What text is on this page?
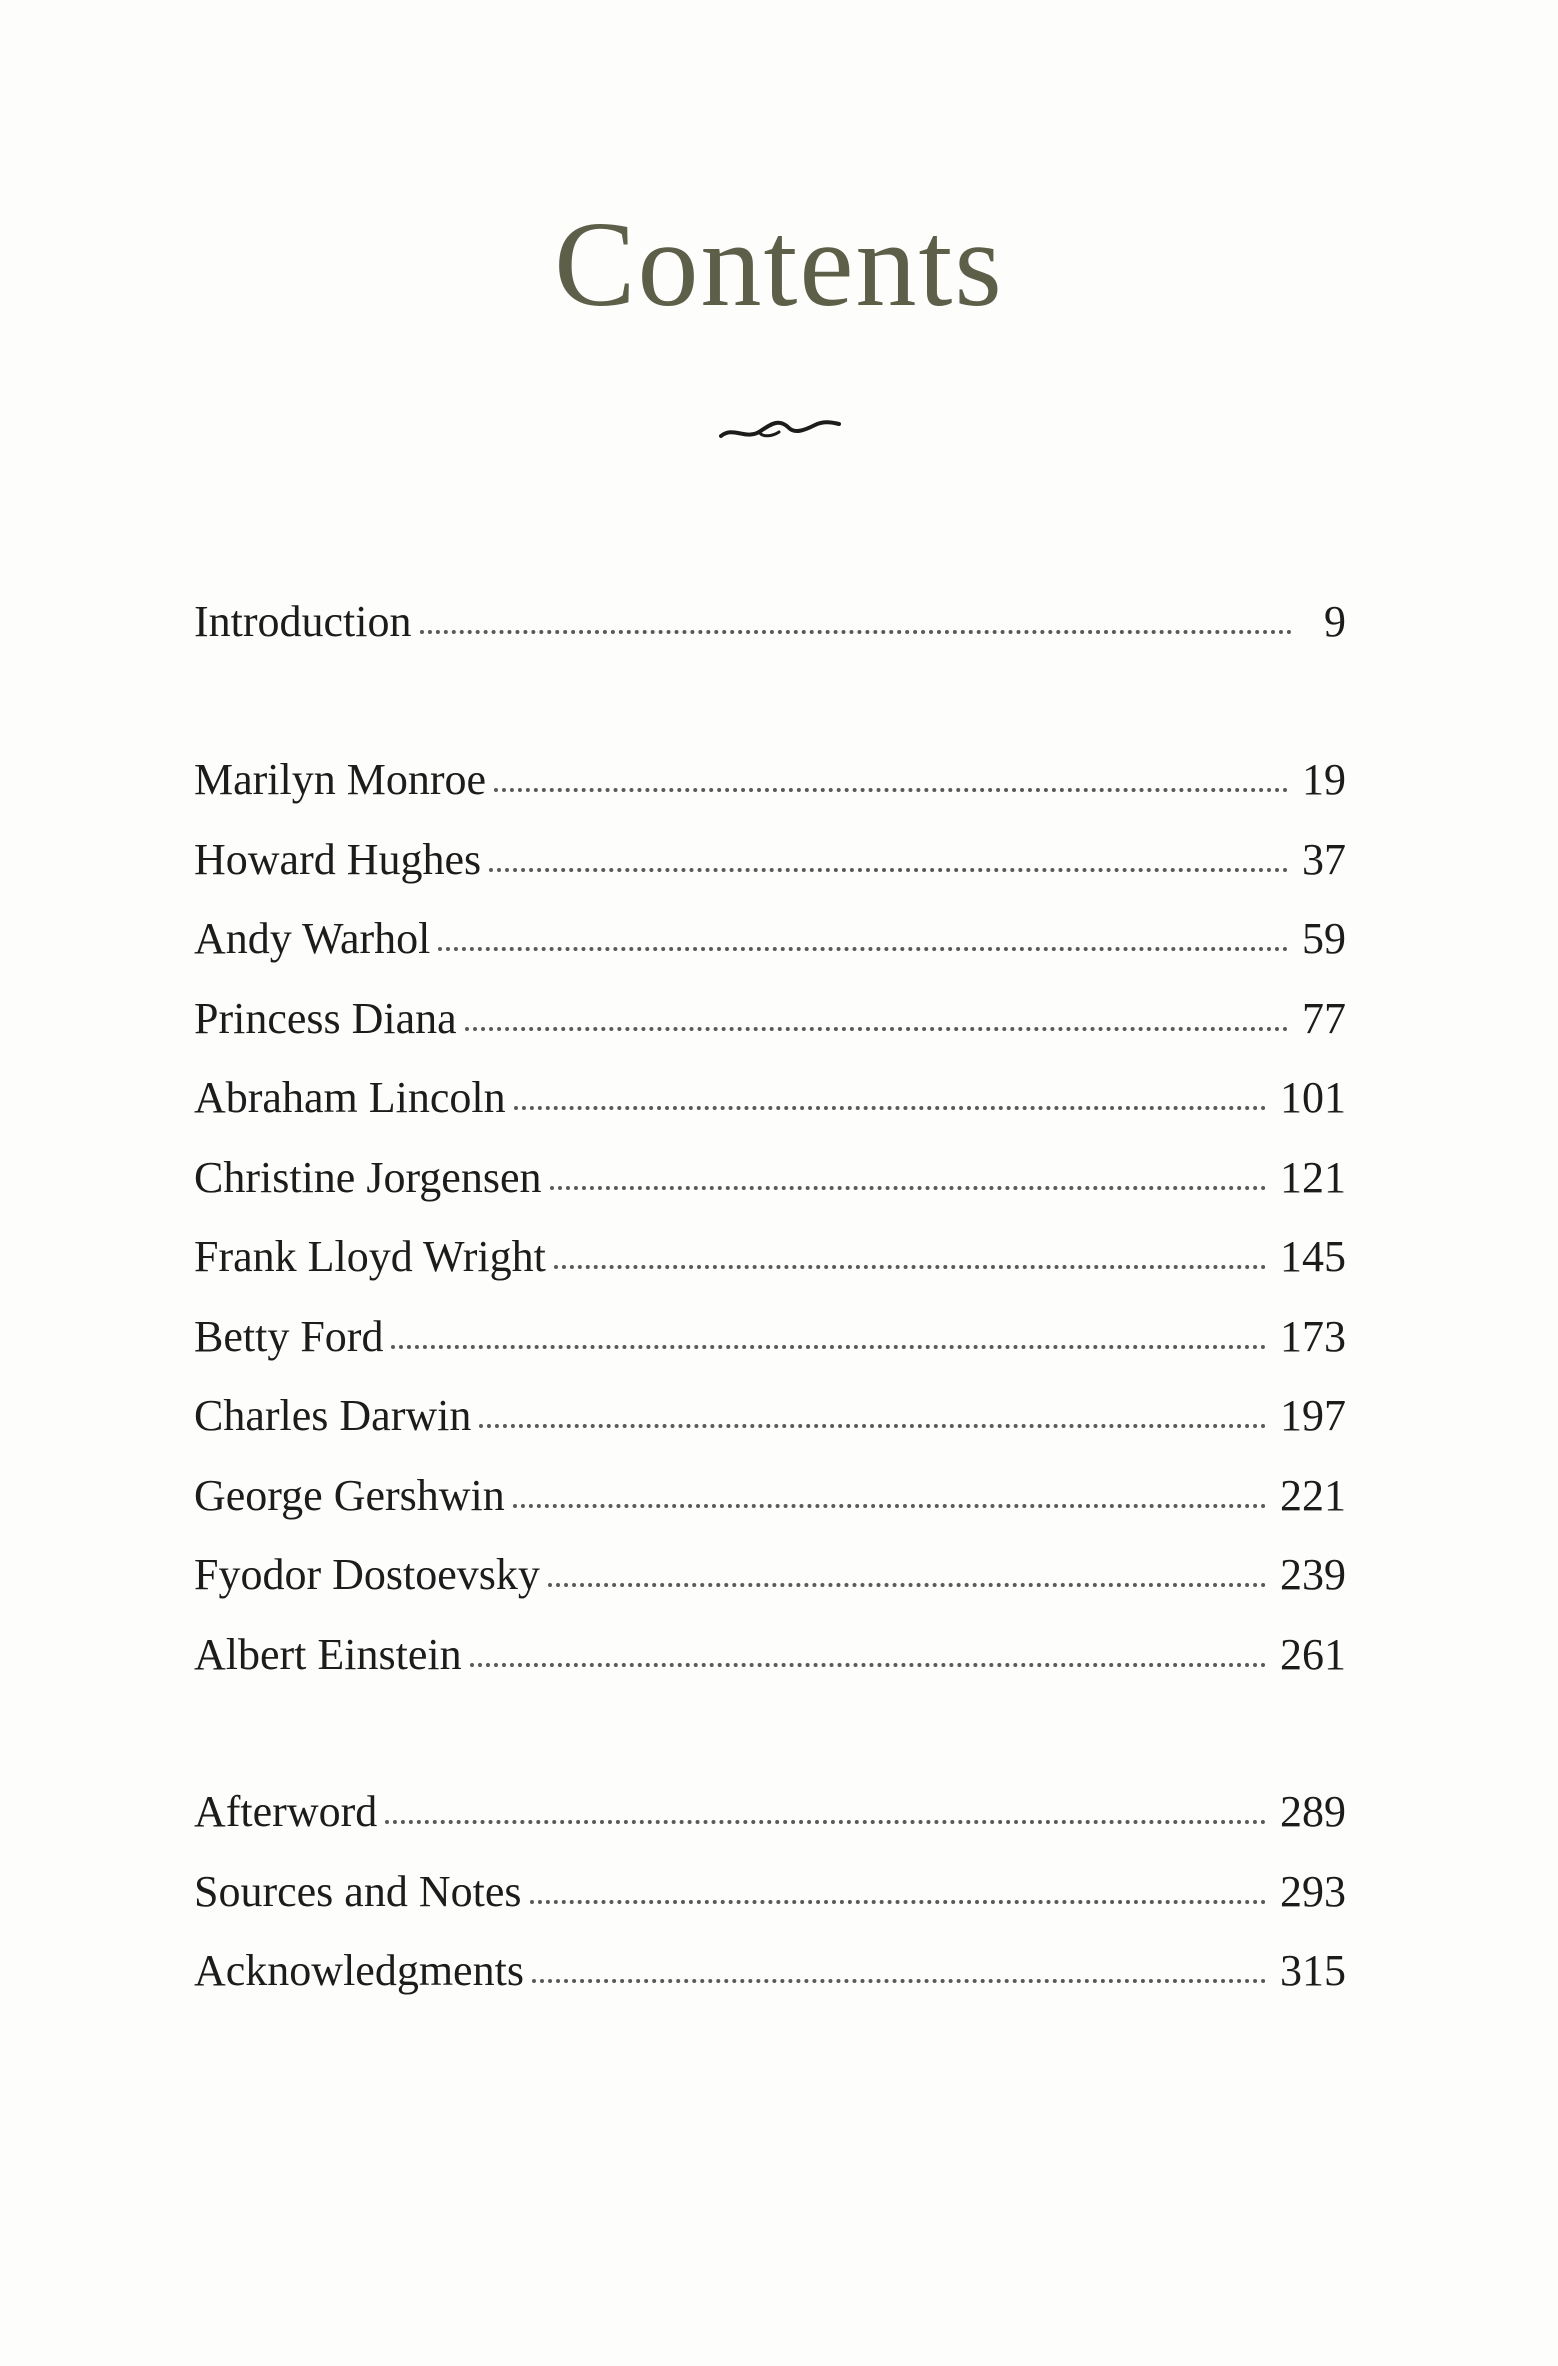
Contents
Introduction	9
Marilyn Monroe	19
Howard Hughes	37
Andy Warhol	59
Princess Diana	77
Abraham Lincoln	101
Christine Jorgensen	121
Frank Lloyd Wright	145
Betty Ford	173
Charles Darwin	197
George Gershwin	221
Fyodor Dostoevsky	239
Albert Einstein	261
Afterword	289
Sources and Notes	293
Acknowledgments	315
